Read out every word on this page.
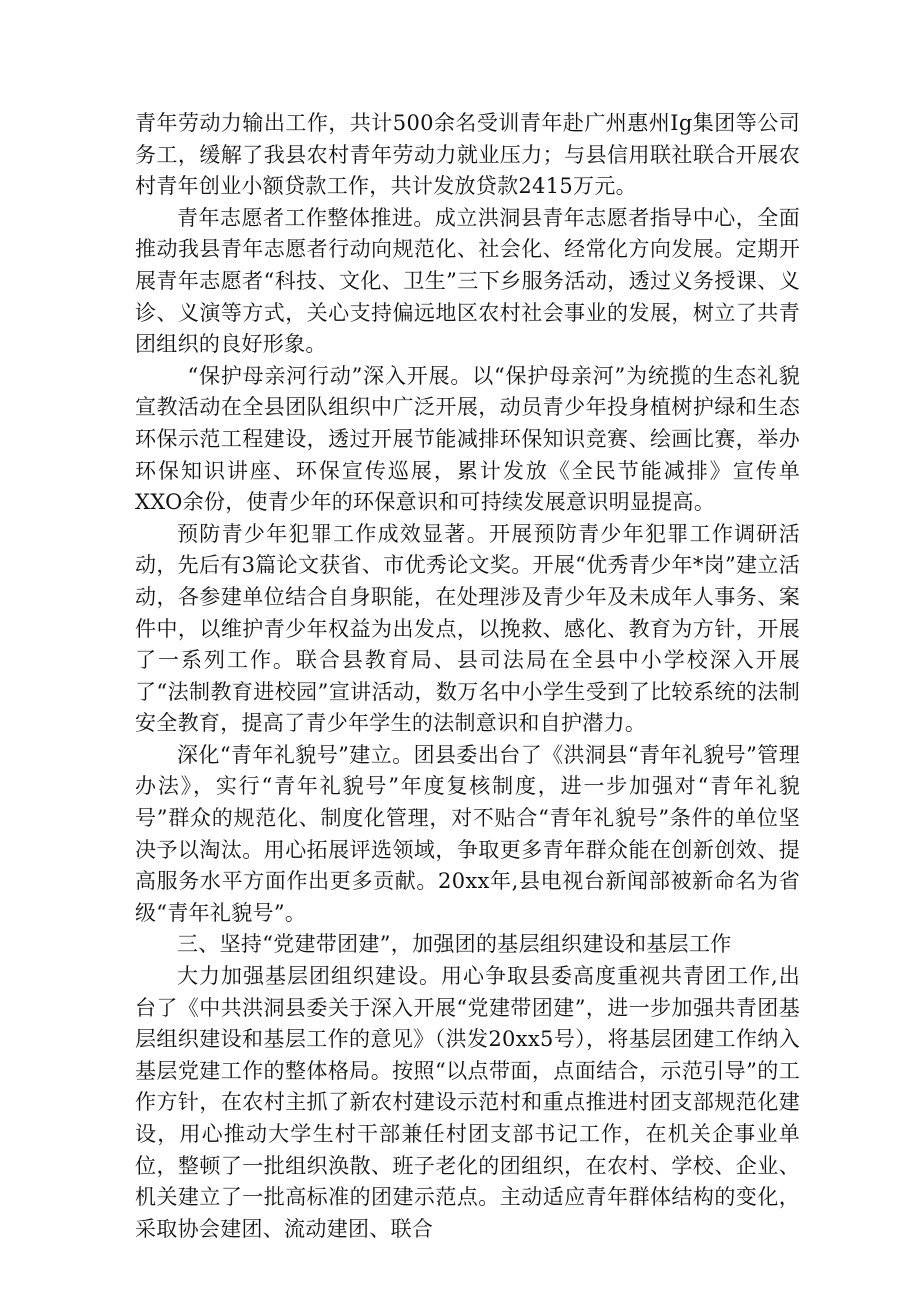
青年劳动力输出工作，共计500余名受训青年赴广州惠州Ig集团等公司务工，缓解了我县农村青年劳动力就业压力；与县信用联社联合开展农村青年创业小额贷款工作，共计发放贷款2415万元。

青年志愿者工作整体推进。成立洪洞县青年志愿者指导中心，全面推动我县青年志愿者行动向规范化、社会化、经常化方向发展。定期开展青年志愿者“科技、文化、卫生”三下乡服务活动，透过义务授课、义诊、义演等方式，关心支持偏远地区农村社会事业的发展，树立了共青团组织的良好形象。

“保护母亲河行动”深入开展。以“保护母亲河”为统揽的生态礼貌宣教活动在全县团队组织中广泛开展，动员青少年投身植树护绿和生态环保示范工程建设，透过开展节能减排环保知识竞赛、绘画比赛，举办环保知识讲座、环保宣传巡展，累计发放《全民节能减排》宣传单XXO余份，使青少年的环保意识和可持续发展意识明显提高。

预防青少年犯罪工作成效显著。开展预防青少年犯罪工作调研活动，先后有3篇论文获省、市优秀论文奖。开展“优秀青少年*岗”建立活动，各参建单位结合自身职能，在处理涉及青少年及未成年人事务、案件中，以维护青少年权益为出发点，以挽救、感化、教育为方针，开展了一系列工作。联合县教育局、县司法局在全县中小学校深入开展了“法制教育进校园”宣讲活动，数万名中小学生受到了比较系统的法制安全教育，提高了青少年学生的法制意识和自护潜力。

深化“青年礼貌号”建立。团县委出台了《洪洞县“青年礼貌号”管理办法》，实行“青年礼貌号”年度复核制度，进一步加强对“青年礼貌号”群众的规范化、制度化管理，对不贴合“青年礼貌号”条件的单位坚决予以淘汰。用心拓展评选领域，争取更多青年群众能在创新创效、提高服务水平方面作出更多贡献。20xx年,县电视台新闻部被新命名为省级“青年礼貌号”。

三、坚持“党建带团建”，加强团的基层组织建设和基层工作

大力加强基层团组织建设。用心争取县委高度重视共青团工作,出台了《中共洪洞县委关于深入开展“党建带团建”，进一步加强共青团基层组织建设和基层工作的意见》（洪发20xx5号），将基层团建工作纳入基层党建工作的整体格局。按照“以点带面，点面结合，示范引导”的工作方针，在农村主抓了新农村建设示范村和重点推进村团支部规范化建设，用心推动大学生村干部兼任村团支部书记工作，在机关企事业单位，整顿了一批组织涣散、班子老化的团组织，在农村、学校、企业、机关建立了一批高标准的团建示范点。主动适应青年群体结构的变化，采取协会建团、流动建团、联合
